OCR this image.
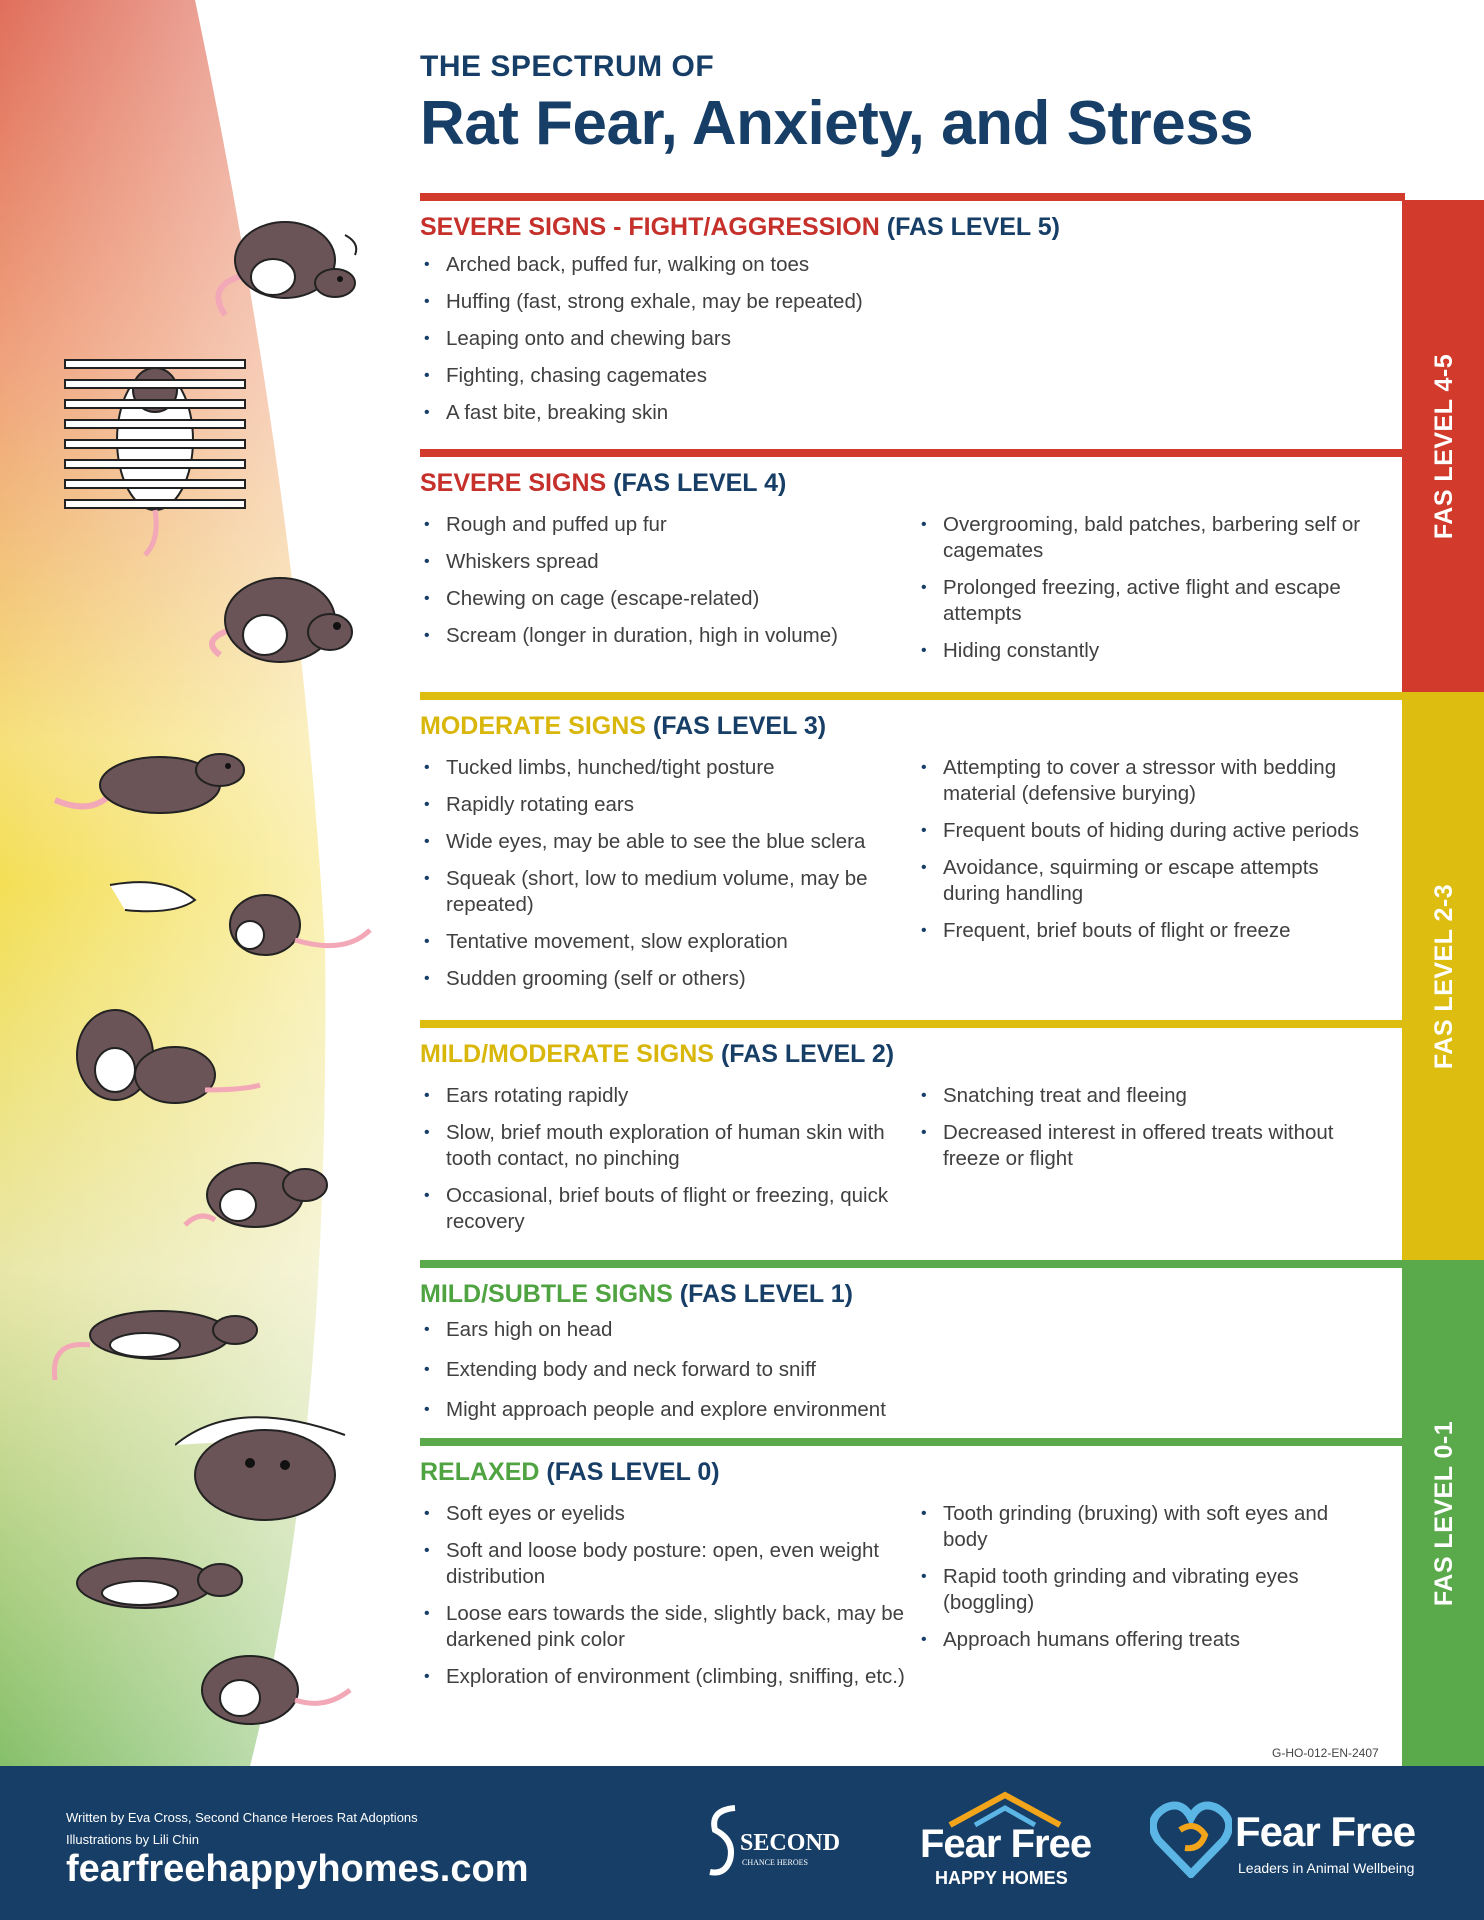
THE SPECTRUM OF
Rat Fear, Anxiety, and Stress
SEVERE SIGNS - FIGHT/AGGRESSION (FAS LEVEL 5)
• Arched back, puffed fur, walking on toes
• Huffing (fast, strong exhale, may be repeated)
• Leaping onto and chewing bars
• Fighting, chasing cagemates
• A fast bite, breaking skin
SEVERE SIGNS (FAS LEVEL 4)
• Rough and puffed up fur
• Whiskers spread
• Chewing on cage (escape-related)
• Scream (longer in duration, high in volume)
• Overgrooming, bald patches, barbering self or cagemates
• Prolonged freezing, active flight and escape attempts
• Hiding constantly
MODERATE SIGNS (FAS LEVEL 3)
• Tucked limbs, hunched/tight posture
• Rapidly rotating ears
• Wide eyes, may be able to see the blue sclera
• Squeak (short, low to medium volume, may be repeated)
• Tentative movement, slow exploration
• Sudden grooming (self or others)
• Attempting to cover a stressor with bedding material (defensive burying)
• Frequent bouts of hiding during active periods
• Avoidance, squirming or escape attempts during handling
• Frequent, brief bouts of flight or freeze
MILD/MODERATE SIGNS (FAS LEVEL 2)
• Ears rotating rapidly
• Slow, brief mouth exploration of human skin with tooth contact, no pinching
• Occasional, brief bouts of flight or freezing, quick recovery
• Snatching treat and fleeing
• Decreased interest in offered treats without freeze or flight
MILD/SUBTLE SIGNS (FAS LEVEL 1)
• Ears high on head
• Extending body and neck forward to sniff
• Might approach people and explore environment
RELAXED (FAS LEVEL 0)
• Soft eyes or eyelids
• Soft and loose body posture: open, even weight distribution
• Loose ears towards the side, slightly back, may be darkened pink color
• Exploration of environment (climbing, sniffing, etc.)
• Tooth grinding (bruxing) with soft eyes and body
• Rapid tooth grinding and vibrating eyes (boggling)
• Approach humans offering treats
FAS LEVEL 4-5
FAS LEVEL 2-3
FAS LEVEL 0-1
G-HO-012-EN-2407
Written by Eva Cross, Second Chance Heroes Rat Adoptions
Illustrations by Lili Chin
fearfreehappyhomes.com
SECOND
CHANCE HEROES	Fear Free
HAPPY HOMES
Fear Free
Leaders in Animal Wellbeing
